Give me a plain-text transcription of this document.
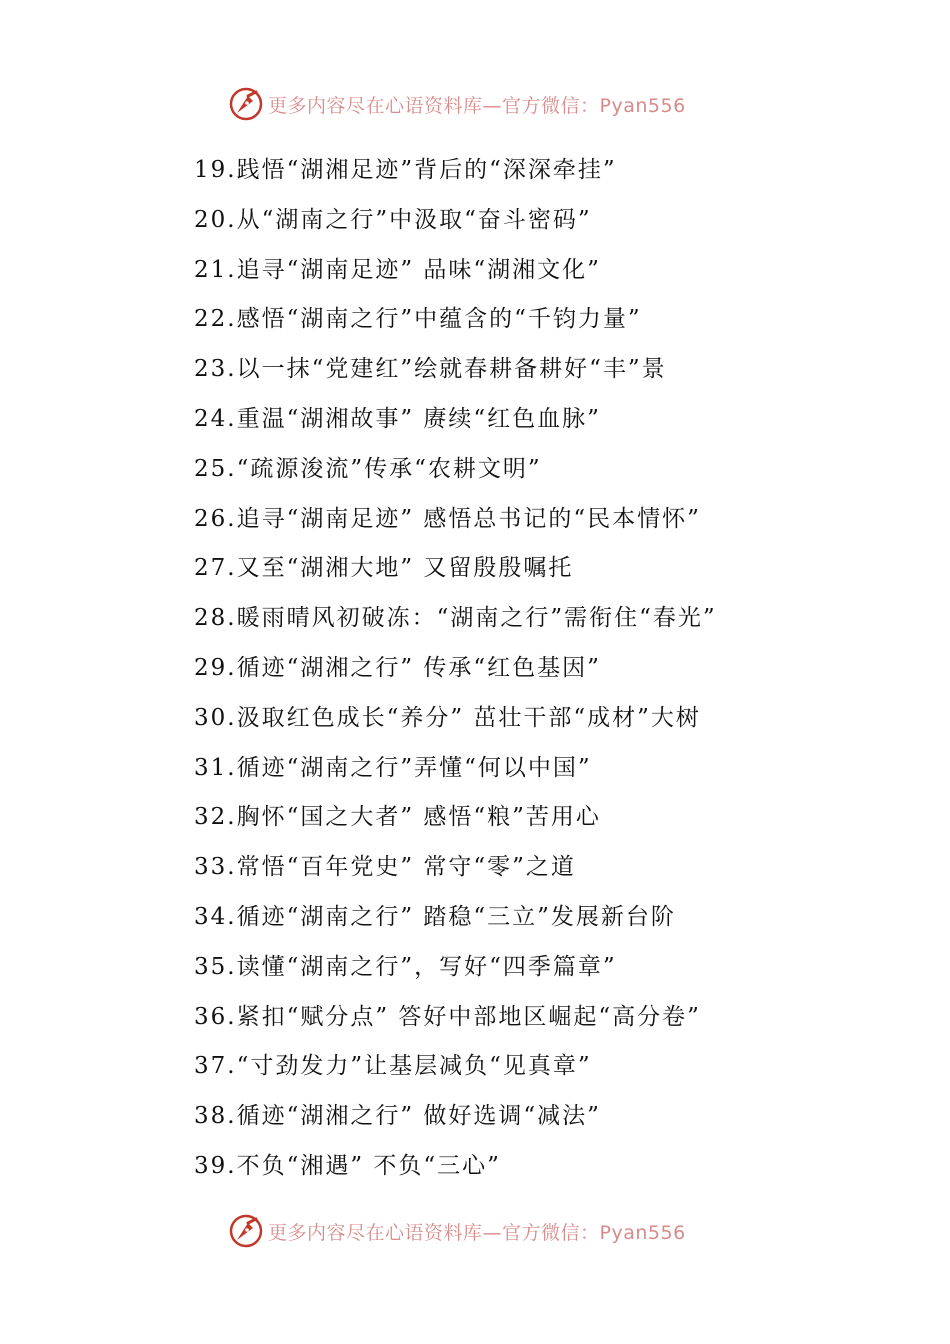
更多内容尽在心语资料库—官方微信：Pyan556
19.践悟“湖湘足迹”背后的“深深牵挂”
20.从“湖南之行”中汲取“奋斗密码”
21.追寻“湖南足迹” 品味“湖湘文化”
22.感悟“湖南之行”中蕴含的“千钧力量”
23.以一抹“党建红”绘就春耕备耕好“丰”景
24.重温“湖湘故事” 赓续“红色血脉”
25.“疏源浚流”传承“农耕文明”
26.追寻“湖南足迹” 感悟总书记的“民本情怀”
27.又至“湖湘大地” 又留殷殷嘱托
28.暖雨晴风初破冻：“湖南之行”需衔住“春光”
29.循迹“湖湘之行” 传承“红色基因”
30.汲取红色成长“养分” 茁壮干部“成材”大树
31.循迹“湖南之行”弄懂“何以中国”
32.胸怀“国之大者” 感悟“粮”苦用心
33.常悟“百年党史” 常守“零”之道
34.循迹“湖南之行” 踏稳“三立”发展新台阶
35.读懂“湖南之行”，写好“四季篇章”
36.紧扣“赋分点” 答好中部地区崛起“高分卷”
37.“寸劲发力”让基层减负“见真章”
38.循迹“湖湘之行” 做好选调“减法”
39.不负“湘遇” 不负“三心”
更多内容尽在心语资料库—官方微信：Pyan556
